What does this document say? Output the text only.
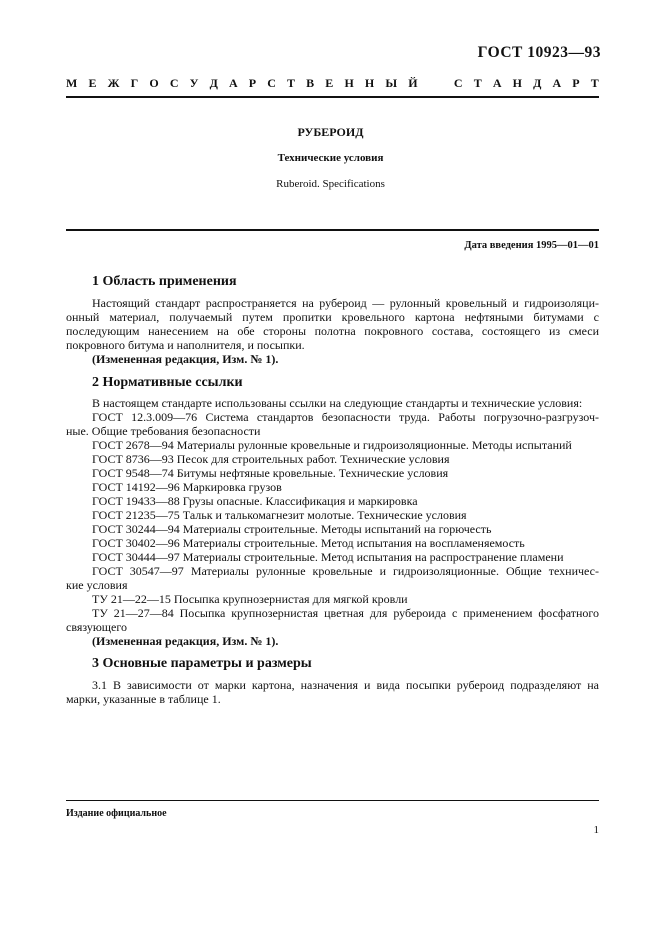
ГОСТ 10923—93
М Е Ж Г О С У Д А Р С Т В Е Н Н Ы Й	С Т А Н Д А Р Т
РУБЕРОИД
Технические условия
Ruberoid. Specifications
Дата введения 1995—01—01
1 Область применения
Настоящий стандарт распространяется на рубероид — рулонный кровельный и гидроизоляци-
онный материал, получаемый путем пропитки кровельного картона нефтяными битумами с
последующим нанесением на обе стороны полотна покровного состава, состоящего из смеси
покровного битума и наполнителя, и посыпки.
(Измененная редакция, Изм. № 1).
2 Нормативные ссылки
В настоящем стандарте использованы ссылки на следующие стандарты и технические условия:
ГОСТ 12.3.009—76 Система стандартов безопасности труда. Работы погрузочно-разгрузоч-
ные. Общие требования безопасности
ГОСТ 2678—94 Материалы рулонные кровельные и гидроизоляционные. Методы испытаний
ГОСТ 8736—93 Песок для строительных работ. Технические условия
ГОСТ 9548—74 Битумы нефтяные кровельные. Технические условия
ГОСТ 14192—96 Маркировка грузов
ГОСТ 19433—88 Грузы опасные. Классификация и маркировка
ГОСТ 21235—75 Тальк и талькомагнезит молотые. Технические условия
ГОСТ 30244—94 Материалы строительные. Методы испытаний на горючесть
ГОСТ 30402—96 Материалы строительные. Метод испытания на воспламеняемость
ГОСТ 30444—97 Материалы строительные. Метод испытания на распространение пламени
ГОСТ 30547—97 Материалы рулонные кровельные и гидроизоляционные. Общие техничес-
кие условия
ТУ 21—22—15 Посыпка крупнозернистая для мягкой кровли
ТУ 21—27—84 Посыпка крупнозернистая цветная для рубероида с применением фосфатного
связующего
(Измененная редакция, Изм. № 1).
3 Основные параметры и размеры
3.1 В зависимости от марки картона, назначения и вида посыпки рубероид подразделяют на
марки, указанные в таблице 1.
Издание официальное
1
